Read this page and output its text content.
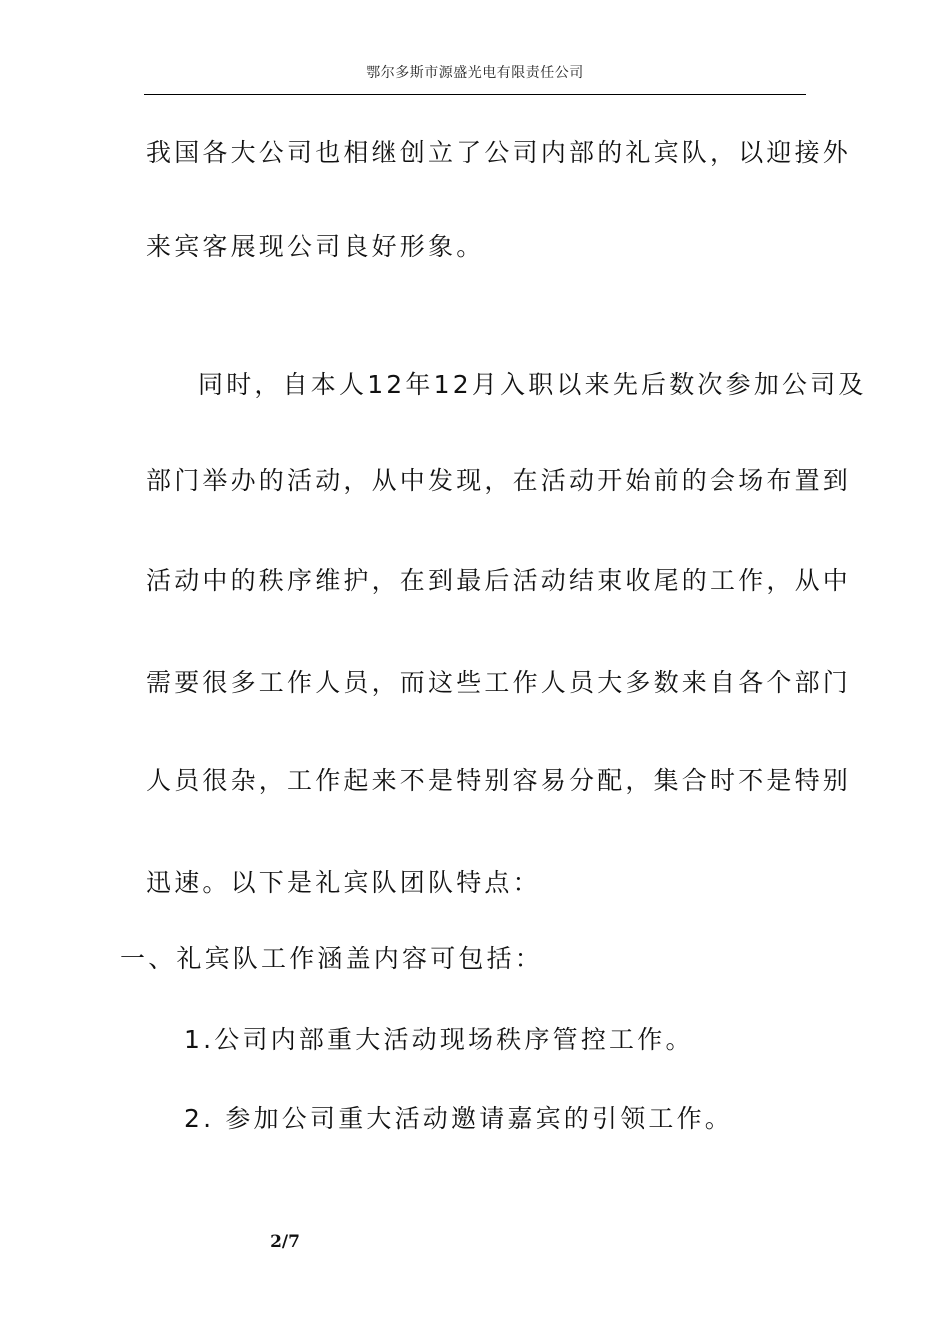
鄂尔多斯市源盛光电有限责任公司
我国各大公司也相继创立了公司内部的礼宾队，以迎接外
来宾客展现公司良好形象。
同时，自本人12年12月入职以来先后数次参加公司及
部门举办的活动，从中发现，在活动开始前的会场布置到
活动中的秩序维护，在到最后活动结束收尾的工作，从中
需要很多工作人员，而这些工作人员大多数来自各个部门
人员很杂，工作起来不是特别容易分配，集合时不是特别
迅速。以下是礼宾队团队特点：
一、礼宾队工作涵盖内容可包括：
1.公司内部重大活动现场秩序管控工作。
2. 参加公司重大活动邀请嘉宾的引领工作。
2/7
